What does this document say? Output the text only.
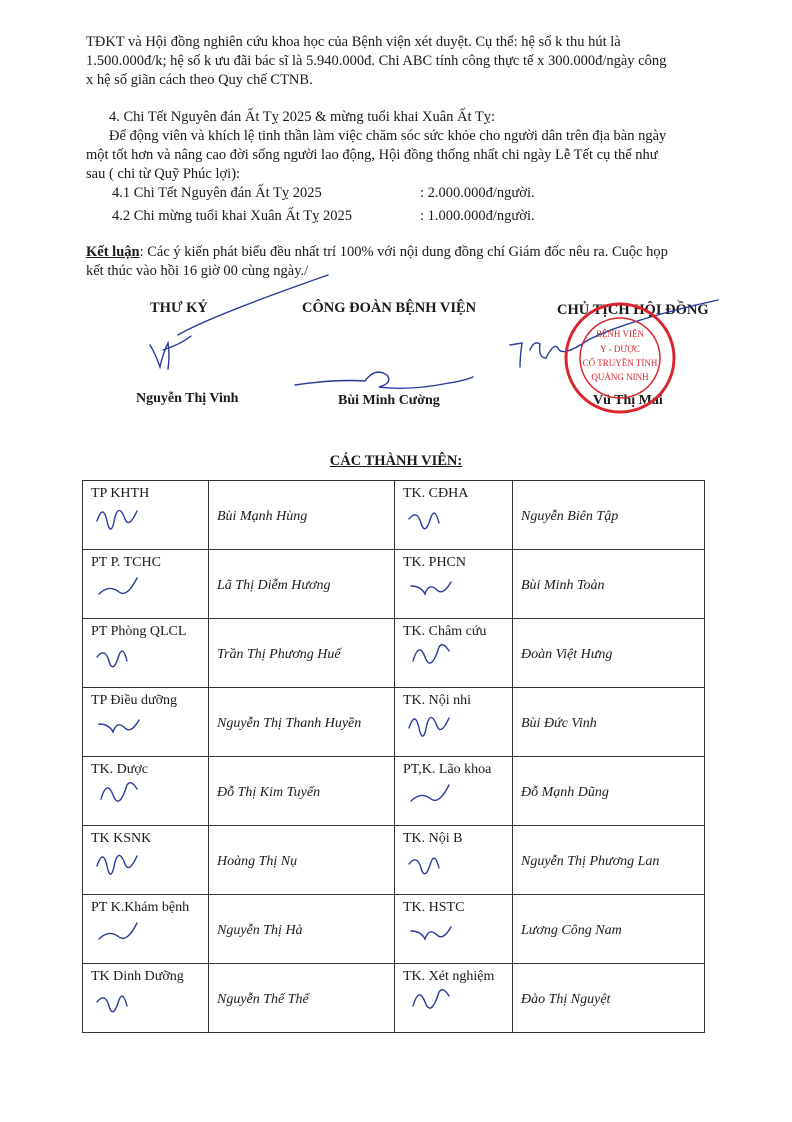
TĐKT và Hội đồng nghiên cứu khoa học của Bệnh viện xét duyệt. Cụ thể: hệ số k thu hút là
1.500.000đ/k; hệ số k ưu đãi bác sĩ là 5.940.000đ. Chi ABC tính công thực tế x 300.000đ/ngày công
x hệ số giãn cách theo Quy chế CTNB.
4. Chi Tết Nguyên đán Ất Tỵ 2025 & mừng tuổi khai Xuân Ất Tỵ:
Để động viên và khích lệ tinh thần làm việc chăm sóc sức khỏe cho người dân trên địa bàn ngày
một tốt hơn và nâng cao đời sống người lao động, Hội đồng thống nhất chi ngày Lễ Tết cụ thể như
sau ( chi từ Quỹ Phúc lợi):
4.1 Chi Tết Nguyên đán Ất Tỵ 2025	: 2.000.000đ/người.
4.2 Chi mừng tuổi khai Xuân Ất Tỵ 2025	: 1.000.000đ/người.
Kết luận: Các ý kiến phát biểu đều nhất trí 100% với nội dung đồng chí Giám đốc nêu ra. Cuộc họp
kết thúc vào hồi 16 giờ 00 cùng ngày./
THƯ KÝ	CÔNG ĐOÀN BỆNH VIỆN	CHỦ TỊCH HỘI ĐỒNG
Nguyễn Thị Vinh	Bùi Minh Cường	Vũ Thị Mai
BỆNH VIỆN
Y - DƯỢC
CỔ TRUYỀN TỈNH
QUẢNG NINH
CÁC THÀNH VIÊN:
TP KHTH	Bùi Mạnh Hùng	TK. CĐHA	Nguyễn Biên Tập

PT P. TCHC	Lã Thị Diễm Hương	TK. PHCN	Bùi Minh Toàn

PT Phòng QLCL	Trần Thị Phương Huế	TK. Châm cứu	Đoàn Việt Hưng

TP Điều dưỡng	Nguyễn Thị Thanh Huyền	TK. Nội nhi	Bùi Đức Vinh

TK. Dược	Đỗ Thị Kim Tuyến	PT,K. Lão khoa	Đỗ Mạnh Dũng

TK KSNK	Hoàng Thị Nụ	TK. Nội B	Nguyễn Thị Phương Lan

PT K.Khám bệnh	Nguyễn Thị Hà	TK. HSTC	Lương Công Nam

TK Dinh Dưỡng	Nguyễn Thế Thể	TK. Xét nghiệm	Đào Thị Nguyệt
